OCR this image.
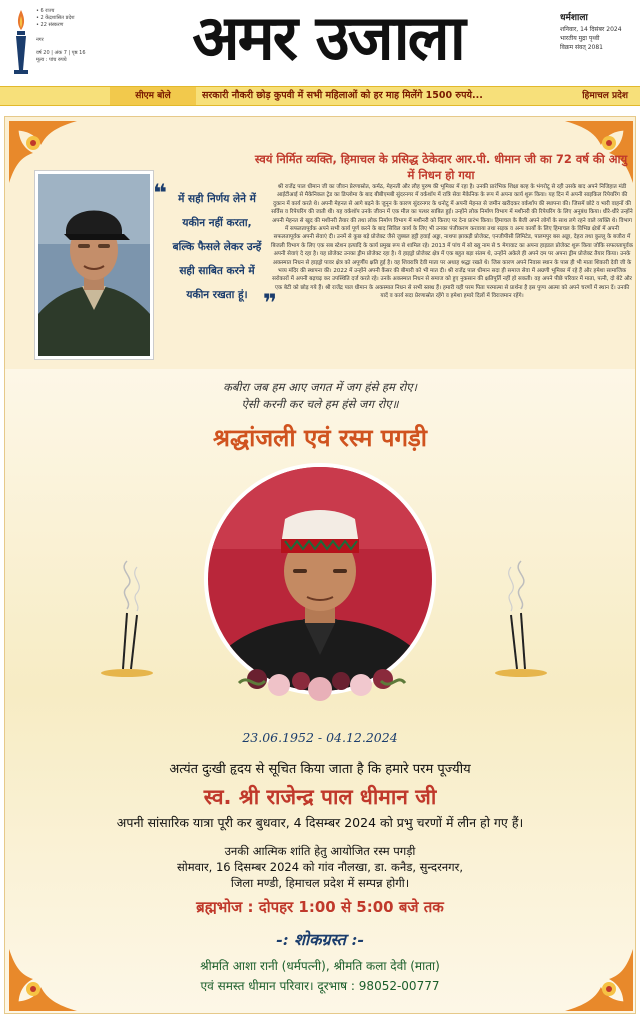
• 6 राज्य
• 2 केंद्रशासित प्रदेश
• 22 संस्करण
नगर
वर्ष 20 | अंक 7 | पृष्ठ 16
मूल्य : पांच रुपये	अमर उजाला	धर्मशाला
शनिवार, 14 दिसंबर 2024
भारतीय मुद्रा पृथ्वी
विक्रम संवत् 2081
सीएम बोले	सरकारी नौकरी छोड़ कुपवी में सभी महिलाओं को हर माह मिलेंगे 1500 रुपये...	हिमाचल प्रदेश
स्वयं निर्मित व्यक्ति, हिमाचल के प्रसिद्ध ठेकेदार आर.पी. धीमान जी का 72 वर्ष की आयु में निधन हो गया
❝	में सही निर्णय लेने में
यकीन नहीं करता,
बल्कि फैसले लेकर उन्हें
सही साबित करने में
यकीन रखता हूं। ❞
श्री राजेंद्र पाल धीमान जी का जीवन प्रेरणास्रोत, कर्मठ, मेहनती और लौह पुरुष की भूमिका में रहा है। उनकी प्रारंभिक शिक्षा बल्ह के भंगरोटू से रही उसके बाद अपने निजिहात मंडी आईटीआई से मैकेनिकल ट्रेड का डिप्लोमा के बाद बीबीएमबी सुंदरनगर में वर्कशॉप में रात्रि सेवा मैकेनिक के रूप में अपना कार्य शुरू किया। यह दिन में अपनी साइकिल रिपेयरिंग की दुकान में कार्य करते थे। अपनी मेहनत से आगे बढ़ने के जुनून के कारण सुंदरनगर के धनोटू में अपनी मेहनत से जमीन खरीदकर वर्कशॉप की स्थापना की। जिसमें छोटे व भारी वाहनों की सर्विस व रिपेयरिंग की जाती थी। यह वर्कशॉप उनके जीवन में एक मील का पत्थर साबित हुई। उन्होंने लोक निर्माण विभाग में मशीनरी की रिपेयरिंग के लिए अनुबंध किया। धीरे-धीरे उन्होंने अपनी मेहनत से खुद की मशीनरी तैयार की तथा लोक निर्माण विभाग में मशीनरी को किराए पर देना प्रारंभ किया। हिमाचल के बैजी अपने लोगों के साथ लगे रहने वाले व्यक्ति थे। विभाग में सफलतापूर्वक अपने सभी कार्य पूर्ण करने के बाद सिविल कार्य के लिए भी उनका पंजीकरण करवाया तथा सड़क व अन्य कार्यों के लिए हिमाचल के विभिन्न क्षेत्रों में अपनी सफलतापूर्वक अपनी सेवाएं दी। उनमें से कुछ बड़े प्रोजेक्ट जैसे जुब्बल हट्टी हवाई अड्डा, नाथपा झाकड़ी प्रोजेक्ट, एनजीपीसी लिमिटेड, पालमपुर बस अड्डा, देहरा तथा कुल्लू के बजौरा में बिजली विभाग के लिए एक सब स्टेशन इत्यादि के कार्य प्रमुख रूप से शामिल रहे। 2013 में पांच में सो ख्यु नाम से 5 मेगावाट का अपना हाइडल प्रोजेक्ट शुरू किया जोकि सफलतापूर्वक अपनी सेवाएं दे रहा है। यह प्रोजेक्ट उनका ड्रीम प्रोजेक्ट रहा है। ये हाइड्रो प्रोजेक्ट क्षेत्र में एक बहुत बड़ा संतम थे, उन्होंने अकेले ही अपने दम पर अपना ड्रीम प्रोजेक्ट तैयार किया। उनके अकस्मात निधन से हाइड्रो पावर क्षेत्र को अपूर्णीय क्षति हुई है। वह शिवरात्रि देवी माता पर अथाह श्रद्धा रखते थे। जिस कारण अपने निवास स्थान के पास ही भी माता शिकारी देवी जी के भव्य मंदिर की स्थापना की। 2022 में उन्होंने अपनी कैंसर की बीमारी को भी मात दी। श्री राजेंद्र पाल धीमान सदा ही समाज सेवा में अग्रणी भूमिका में रहे हैं और हमेशा सामाजिक सरोकारों में अपनी बढ़चढ़ कर उपस्थिति दर्ज करते रहे। उनके अकस्मात निधन से समाज को हुए नुकसान की क्षतिपूर्ति नहीं हो सकती। वह अपने पीछे परिवार में माता, पत्नी, दो बेटे और एक बेटी को छोड़ गये हैं। श्री राजेंद्र पाल धीमान के अकस्मात निधन से सभी स्तब्ध हैं। हमारी यही परम पिता परमात्मा से प्रार्थना है इस पुण्य आत्मा को अपने चरणों में स्थान दें। उनकी यादें व कार्य सदा प्रेरणास्रोत रहेंगे व हमेशा हमारे दिलों में विराजमान रहेंगे।
कबीरा जब हम आए जगत में जग हंसे हम रोए।
ऐसी करनी कर चले हम हंसे जग रोए॥
श्रद्धांजली एवं रस्म पगड़ी
23.06.1952 - 04.12.2024
अत्यंत दुःखी हृदय से सूचित किया जाता है कि हमारे परम पूज्यीय
स्व. श्री राजेन्द्र पाल धीमान जी
अपनी सांसारिक यात्रा पूरी कर बुधवार, 4 दिसम्बर 2024 को प्रभु चरणों में लीन हो गए हैं।
उनकी आत्मिक शांति हेतु आयोजित रस्म पगड़ी
सोमवार, 16 दिसम्बर 2024 को गांव नौलखा, डा. कनैड, सुन्दरनगर,
जिला मण्डी, हिमाचल प्रदेश में सम्पन्न होगी।
ब्रह्मभोज : दोपहर 1:00 से 5:00 बजे तक
-: शोकग्रस्त :-
श्रीमति आशा रानी (धर्मपत्नी), श्रीमति कला देवी (माता)
एवं समस्त धीमान परिवार। दूरभाष : 98052-00777
